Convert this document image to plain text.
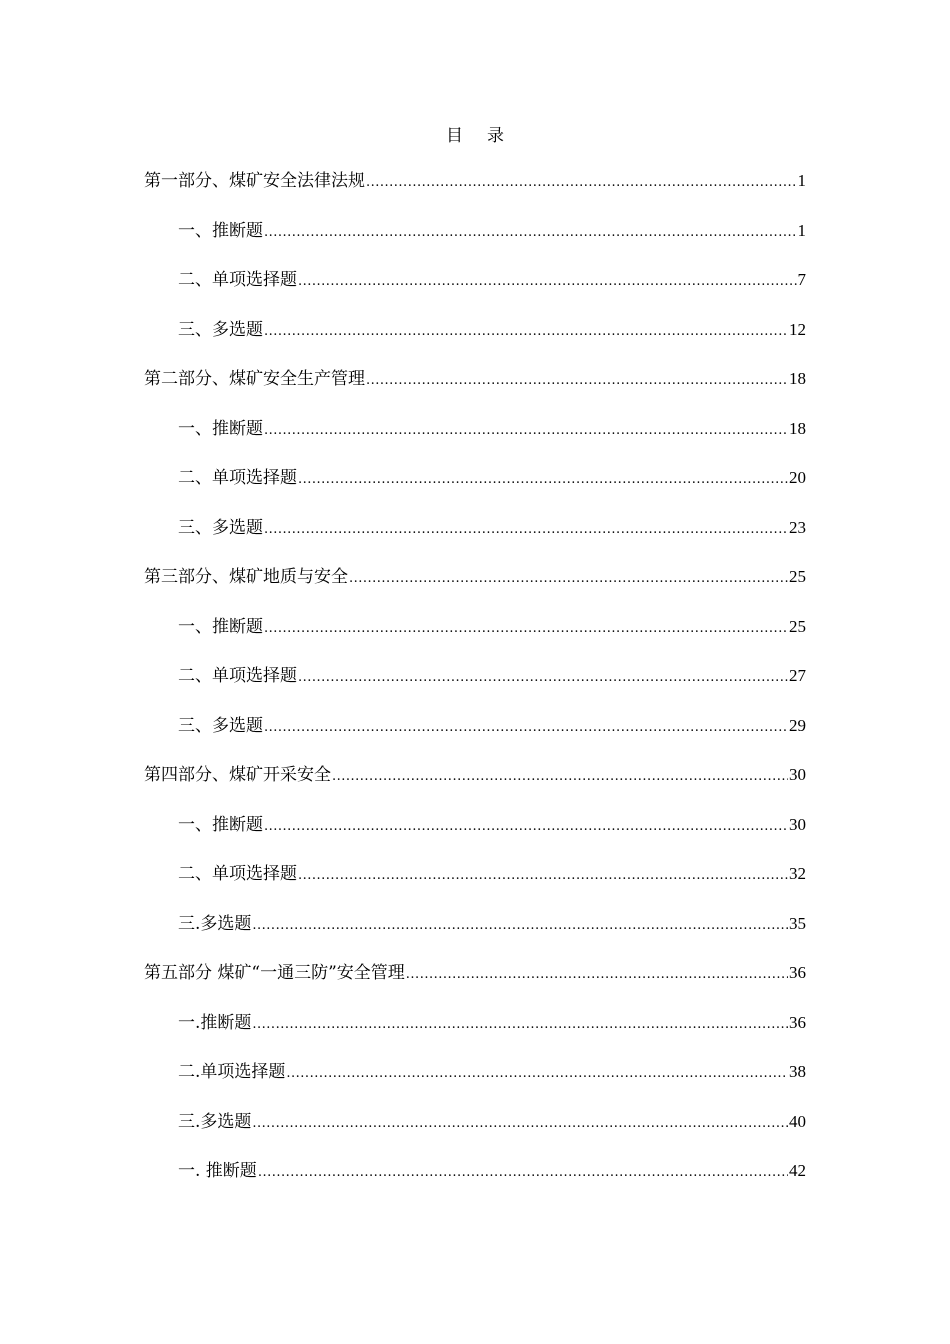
目 录
第一部分、煤矿安全法律法规 .....	1
一、推断题 .....	1
二、单项选择题 .....	7
三、多选题 .....	12
第二部分、煤矿安全生产管理 .....	18
一、推断题 .....	18
二、单项选择题 .....	20
三、多选题 .....	23
第三部分、煤矿地质与安全 .....	25
一、推断题 .....	25
二、单项选择题 .....	27
三、多选题 .....	29
第四部分、煤矿开采安全 .....	30
一、推断题 .....	30
二、单项选择题 .....	32
三.多选题 .....	35
第五部分 煤矿“一通三防”安全管理 .....	36
一.推断题 .....	36
二.单项选择题 .....	38
三.多选题 .....	40
一. 推断题 .....	42
